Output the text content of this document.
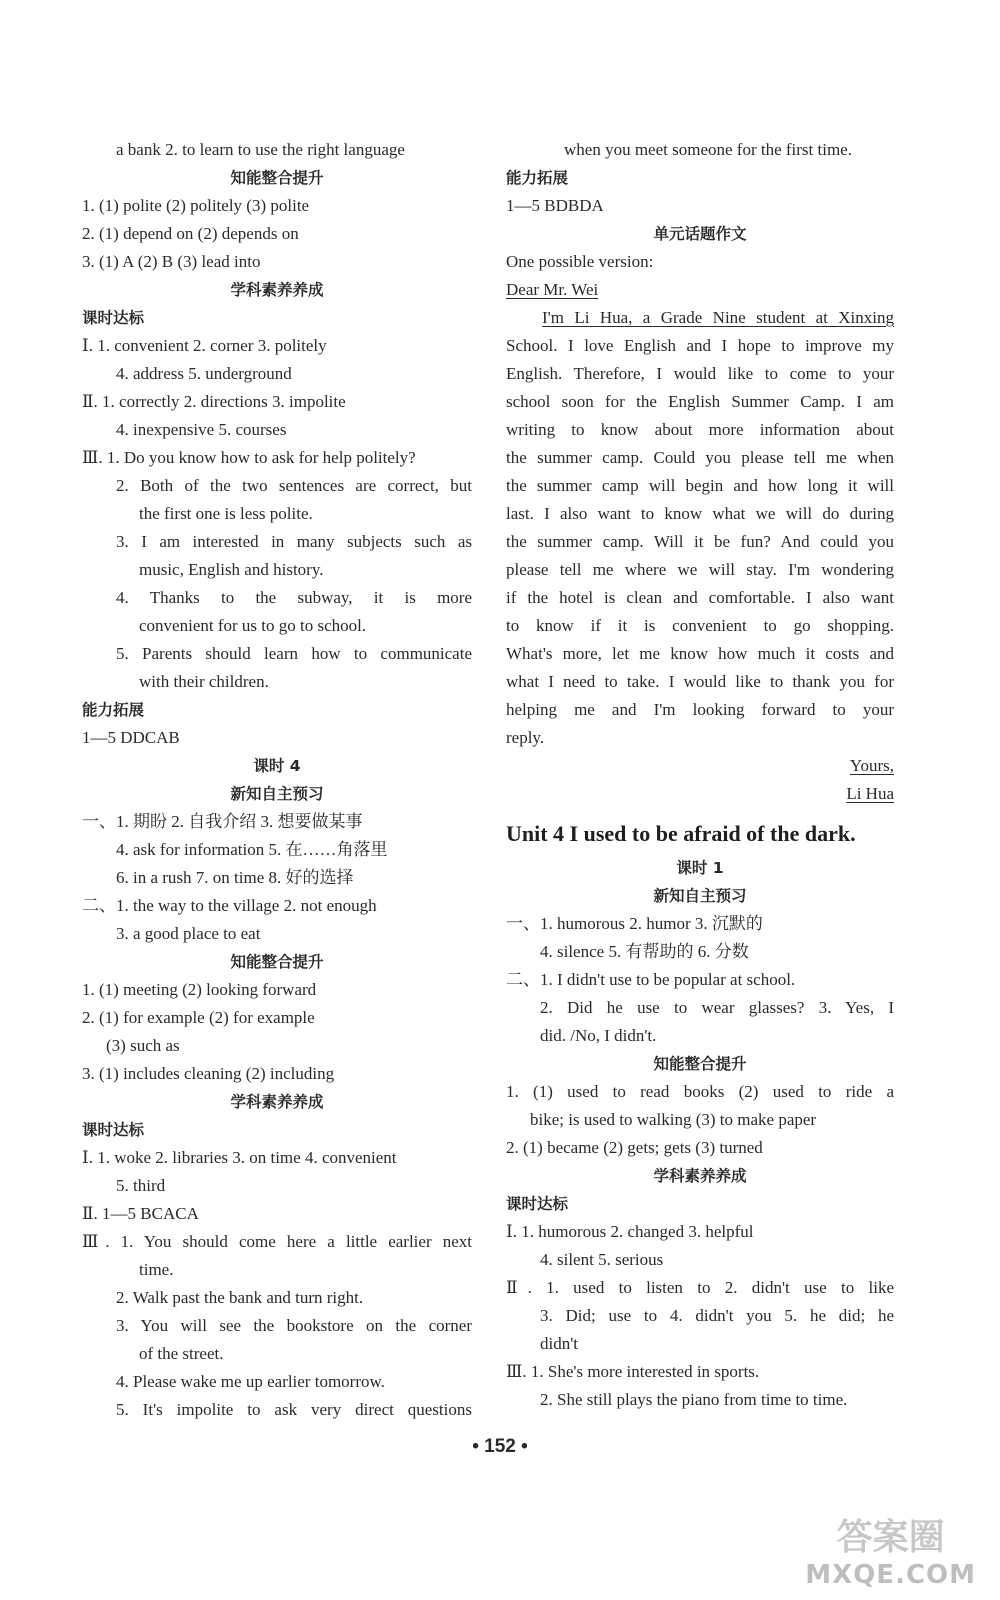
a bank 2. to learn to use the right language
知能整合提升
1. (1) polite (2) politely (3) polite
2. (1) depend on (2) depends on
3. (1) A (2) B (3) lead into
学科素养养成
课时达标
Ⅰ. 1. convenient 2. corner 3. politely
4. address 5. underground
Ⅱ. 1. correctly 2. directions 3. impolite
4. inexpensive 5. courses
Ⅲ. 1. Do you know how to ask for help politely?
2. Both of the two sentences are correct, but
the first one is less polite.
3. I am interested in many subjects such as
music, English and history.
4. Thanks to the subway, it is more
convenient for us to go to school.
5. Parents should learn how to communicate
with their children.
能力拓展
1—5 DDCAB
课时 4
新知自主预习
一、1. 期盼 2. 自我介绍 3. 想要做某事
4. ask for information 5. 在……角落里
6. in a rush 7. on time 8. 好的选择
二、1. the way to the village 2. not enough
3. a good place to eat
知能整合提升
1. (1) meeting (2) looking forward
2. (1) for example (2) for example
(3) such as
3. (1) includes cleaning (2) including
学科素养养成
课时达标
Ⅰ. 1. woke 2. libraries 3. on time 4. convenient
5. third
Ⅱ. 1—5 BCACA
Ⅲ. 1. You should come here a little earlier next
time.
2. Walk past the bank and turn right.
3. You will see the bookstore on the corner
of the street.
4. Please wake me up earlier tomorrow.
5. It's impolite to ask very direct questions
when you meet someone for the first time.
能力拓展
1—5 BDBDA
单元话题作文
One possible version:
Dear Mr. Wei
I'm Li Hua, a Grade Nine student at Xinxing
School. I love English and I hope to improve my
English. Therefore, I would like to come to your
school soon for the English Summer Camp. I am
writing to know about more information about
the summer camp. Could you please tell me when
the summer camp will begin and how long it will
last. I also want to know what we will do during
the summer camp. Will it be fun? And could you
please tell me where we will stay. I'm wondering
if the hotel is clean and comfortable. I also want
to know if it is convenient to go shopping.
What's more, let me know how much it costs and
what I need to take. I would like to thank you for
helping me and I'm looking forward to your
reply.
Yours,
Li Hua
Unit 4 I used to be afraid of the dark.
课时 1
新知自主预习
一、1. humorous 2. humor 3. 沉默的
4. silence 5. 有帮助的 6. 分数
二、1. I didn't use to be popular at school.
2. Did he use to wear glasses? 3. Yes, I
did. /No, I didn't.
知能整合提升
1. (1) used to read books (2) used to ride a
bike; is used to walking (3) to make paper
2. (1) became (2) gets; gets (3) turned
学科素养养成
课时达标
Ⅰ. 1. humorous 2. changed 3. helpful
4. silent 5. serious
Ⅱ. 1. used to listen to 2. didn't use to like
3. Did; use to 4. didn't you 5. he did; he
didn't
Ⅲ. 1. She's more interested in sports.
2. She still plays the piano from time to time.
• 152 •
答案圈
MXQE.COM
